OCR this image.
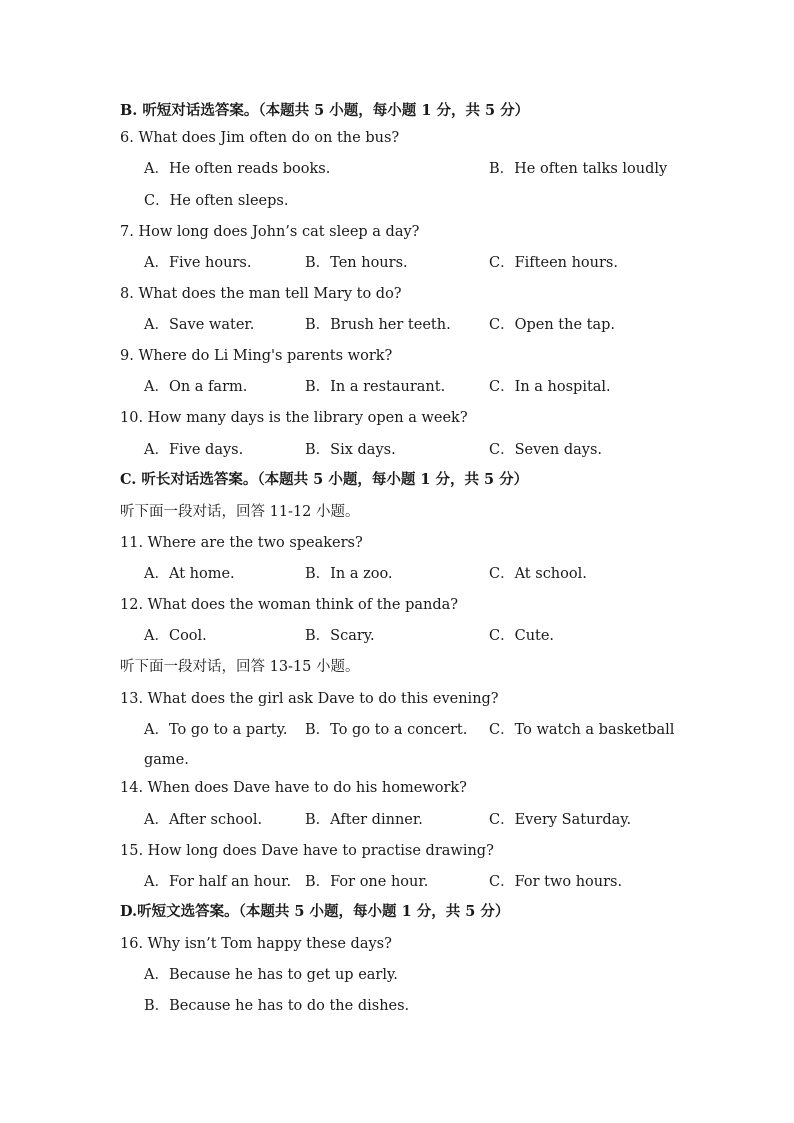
B. 听短对话选答案。（本题共 5 小题，每小题 1 分，共 5 分）
6. What does Jim often do on the bus?
A．He often reads books.	B．He often talks loudly
C．He often sleeps.
7. How long does John’s cat sleep a day?
A．Five hours.	B．Ten hours.	C．Fifteen hours.
8. What does the man tell Mary to do?
A．Save water.	B．Brush her teeth.	C．Open the tap.
9. Where do Li Ming's parents work?
A．On a farm.	B．In a restaurant.	C．In a hospital.
10. How many days is the library open a week?
A．Five days.	B．Six days.	C．Seven days.
C. 听长对话选答案。（本题共 5 小题，每小题 1 分，共 5 分）
听下面一段对话，回答 11-12 小题。
11. Where are the two speakers?
A．At home.	B．In a zoo.	C．At school.
12. What does the woman think of the panda?
A．Cool.	B．Scary.	C．Cute.
听下面一段对话，回答 13-15 小题。
13. What does the girl ask Dave to do this evening?
A．To go to a party. B．To go to a concert. C．To watch a basketball
game.
14. When does Dave have to do his homework?
A．After school.	B．After dinner.	C．Every Saturday.
15. How long does Dave have to practise drawing?
A．For half an hour. B．For one hour.	C．For two hours.
D.听短文选答案。（本题共 5 小题，每小题 1 分，共 5 分）
16. Why isn’t Tom happy these days?
A．Because he has to get up early.
B．Because he has to do the dishes.
